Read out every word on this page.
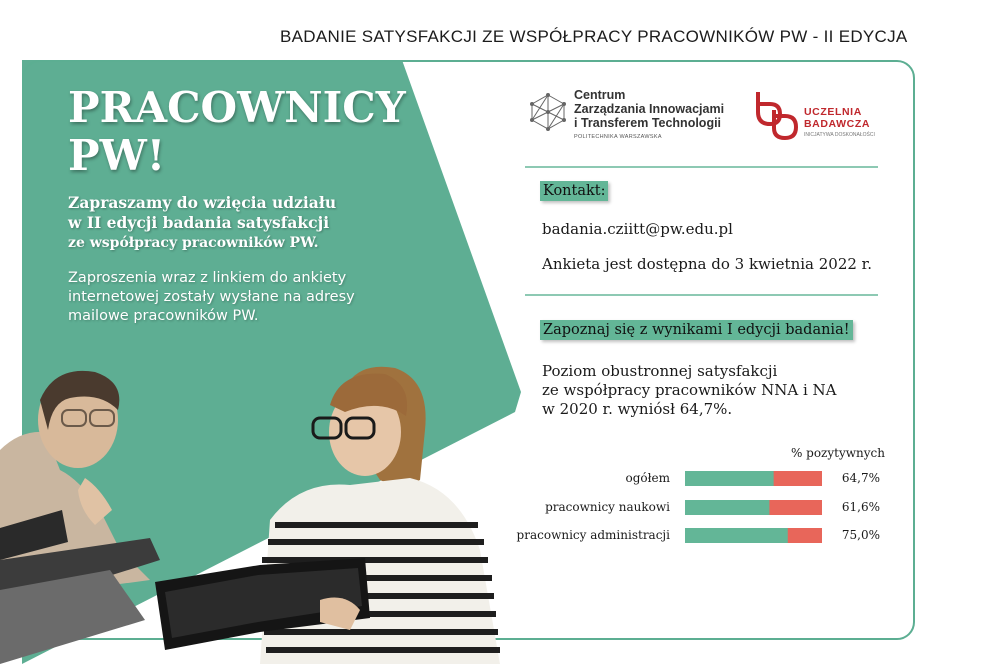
BADANIE SATYSFAKCJI ZE WSPÓŁPRACY PRACOWNIKÓW PW - II EDYCJA
PRACOWNICY
PW!
Zapraszamy do wzięcia udziału
w II edycji badania satysfakcji
ze współpracy pracowników PW.
Zaproszenia wraz z linkiem do ankiety internetowej zostały wysłane na adresy mailowe pracowników PW.
Centrum
Zarządzania Innowacjami
i Transferem Technologii
POLITECHNIKA WARSZAWSKA
UCZELNIA
BADAWCZA
INICJATYWA DOSKONAŁOŚCI
Kontakt:
badania.cziitt@pw.edu.pl
Ankieta jest dostępna do 3 kwietnia 2022 r.
Zapoznaj się z wynikami I edycji badania!
Poziom obustronnej satysfakcji
ze współpracy pracowników NNA i NA
w 2020 r. wyniósł 64,7%.
% pozytywnych
ogółem	64,7%
pracownicy naukowi	61,6%
pracownicy administracji	75,0%
